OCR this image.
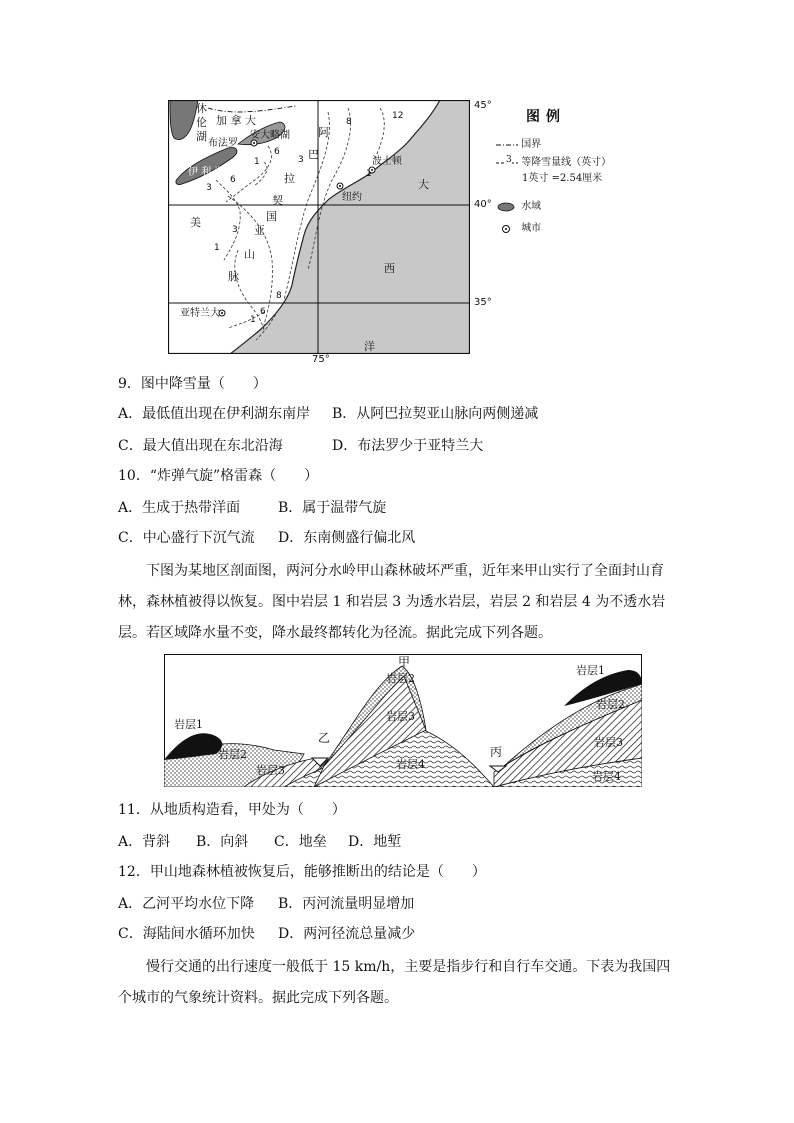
休
伦
湖
加 拿 大
安大略湖
布法罗
伊 利 湖
阿
巴
拉
契
美	国
亚
山
脉
波士顿
纽约
亚特兰大
大
西
洋
12
8
1
6
3
6
3
1
3
1
8
6
1
45°
40°
35°
75°
图例
国界

3 等降雪量线（英寸）
1英寸 =2.54厘米
水域
城市
9．图中降雪量（　　）
A．最低值出现在伊利湖东南岸 B．从阿巴拉契亚山脉向两侧递减
C．最大值出现在东北沿海	D．布法罗少于亚特兰大
10．“炸弹气旋”格雷森（　　）
A．生成于热带洋面	B．属于温带气旋
C．中心盛行下沉气流 D．东南侧盛行偏北风
下图为某地区剖面图，两河分水岭甲山森林破坏严重，近年来甲山实行了全面封山育林，森林植被得以恢复。图中岩层 1 和岩层 3 为透水岩层，岩层 2 和岩层 4 为不透水岩层。若区域降水量不变，降水最终都转化为径流。据此完成下列各题。
甲
乙
丙
岩层1
岩层2
岩层3
岩层2
岩层3
岩层4
岩层1
岩层2
岩层3
岩层4
11．从地质构造看，甲处为（　　）
A．背斜 B．向斜 C．地垒 D．地堑
12．甲山地森林植被恢复后，能够推断出的结论是（　　）
A．乙河平均水位下降 B．丙河流量明显增加
C．海陆间水循环加快 D．两河径流总量减少
慢行交通的出行速度一般低于 15 km/h，主要是指步行和自行车交通。下表为我国四个城市的气象统计资料。据此完成下列各题。
